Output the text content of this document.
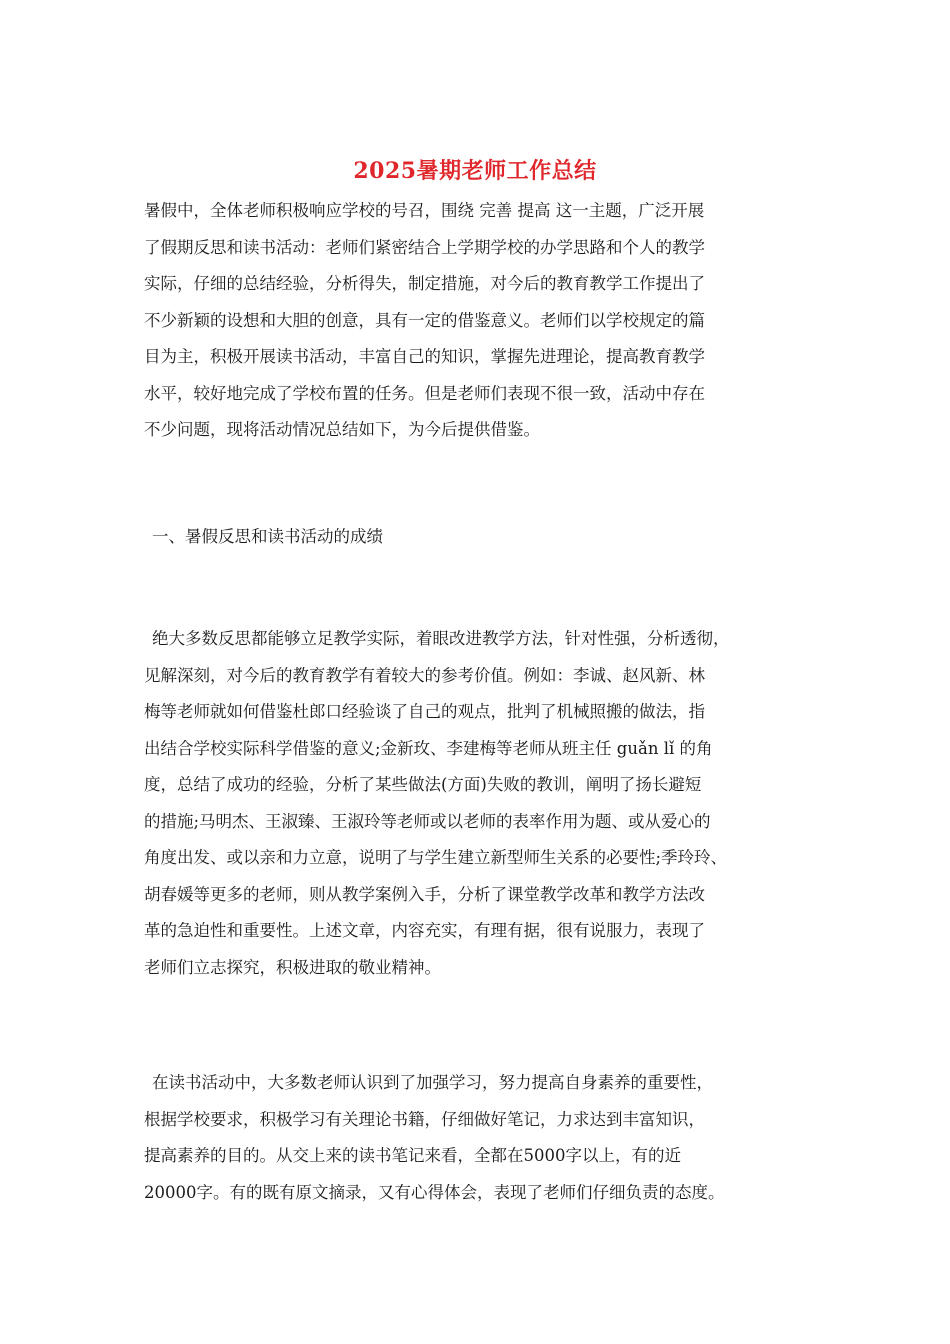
2025暑期老师工作总结
暑假中，全体老师积极响应学校的号召，围绕 完善 提高 这一主题，广泛开展
了假期反思和读书活动：老师们紧密结合上学期学校的办学思路和个人的教学
实际，仔细的总结经验，分析得失，制定措施，对今后的教育教学工作提出了
不少新颖的设想和大胆的创意，具有一定的借鉴意义。老师们以学校规定的篇
目为主，积极开展读书活动，丰富自己的知识，掌握先进理论，提高教育教学
水平，较好地完成了学校布置的任务。但是老师们表现不很一致，活动中存在
不少问题，现将活动情况总结如下，为今后提供借鉴。
一、暑假反思和读书活动的成绩
绝大多数反思都能够立足教学实际，着眼改进教学方法，针对性强，分析透彻，
见解深刻，对今后的教育教学有着较大的参考价值。例如：李诚、赵风新、林
梅等老师就如何借鉴杜郎口经验谈了自己的观点，批判了机械照搬的做法，指
出结合学校实际科学借鉴的意义;金新玫、李建梅等老师从班主任 guǎn lǐ 的角
度，总结了成功的经验，分析了某些做法(方面)失败的教训，阐明了扬长避短
的措施;马明杰、王淑臻、王淑玲等老师或以老师的表率作用为题、或从爱心的
角度出发、或以亲和力立意，说明了与学生建立新型师生关系的必要性;季玲玲、
胡春媛等更多的老师，则从教学案例入手，分析了课堂教学改革和教学方法改
革的急迫性和重要性。上述文章，内容充实，有理有据，很有说服力，表现了
老师们立志探究，积极进取的敬业精神。
在读书活动中，大多数老师认识到了加强学习，努力提高自身素养的重要性，
根据学校要求，积极学习有关理论书籍，仔细做好笔记，力求达到丰富知识，
提高素养的目的。从交上来的读书笔记来看，全都在5000字以上，有的近
20000字。有的既有原文摘录，又有心得体会，表现了老师们仔细负责的态度。
